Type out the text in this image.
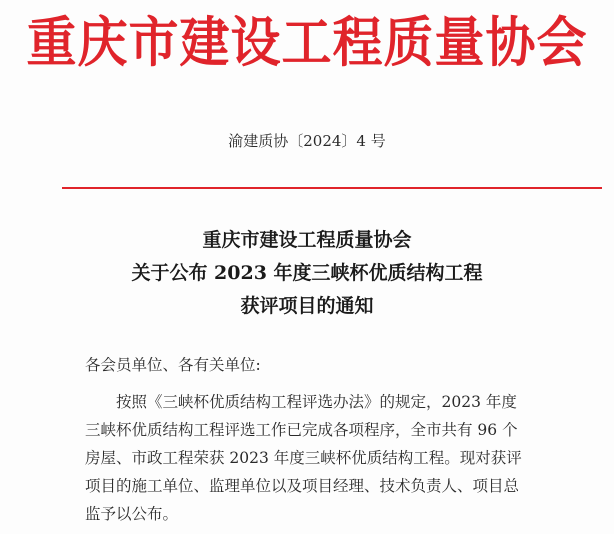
重庆市建设工程质量协会
渝建质协〔2024〕4 号
重庆市建设工程质量协会
关于公布 2023 年度三峡杯优质结构工程
获评项目的通知
各会员单位、各有关单位:
按照《三峡杯优质结构工程评选办法》的规定，2023 年度
三峡杯优质结构工程评选工作已完成各项程序，全市共有 96 个
房屋、市政工程荣获 2023 年度三峡杯优质结构工程。现对获评
项目的施工单位、监理单位以及项目经理、技术负责人、项目总
监予以公布。
